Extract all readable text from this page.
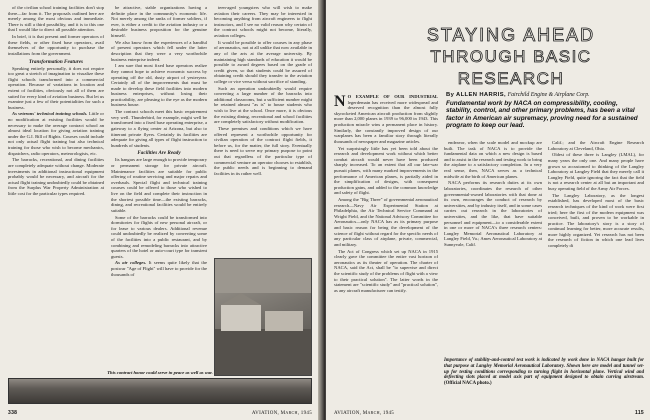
of the civilian school training facilities don't stop there—far from it. The proposals outlined here are merely among the most obvious and immediate. There is still a third possibility, and it is to this one that I would like to direct all possible attention.

In brief, it is that present and former operators of these fields, or other fixed base operators, avail themselves of the opportunity to purchase the installations from the government.

Transformation Features

Speaking entirely personally, it does not require too great a stretch of imagination to visualize these flight schools transformed into a commercial operation. Because of variations in location and extent of facilities, obviously not all of them are suited for every kind of aviation business. But let us examine just a few of their potentialities for such a business.

As veterans' technical training schools. Little or no modification at existing facilities would be necessary to make the average contract school an almost ideal location for giving aviation training under the G.I. Bill of Rights. Courses could include not only actual flight training but also technical training for those who wish to become mechanics, dispatchers, radio operators, meteorologists, etc.

The barracks, recreational, and dining facilities are completely adequate without change. Moderate investments in additional instructional equipment probably would be necessary, and aircraft for the actual flight training undoubtedly could be obtained from the Surplus War Property Administration at little cost for the particular types required.

be attractive, stable organizations having a definite place in the community's economic life. Not merely among the ranks of former soldiers, if ever, is either a credit to the aviation industry or a desirable business proposition for the genuine himself.

We also know from the experiences of a handful of present operators which fell under the latter description that they were a very worthwhile business enterprise indeed.

I am sure that most fixed base operators realize they cannot hope to achieve economic success by operating off the old, dusty airport of yesteryear. Certainly all of the improvements that must be made to develop these field facilities into modern business enterprises, without losing their practicability, are pleasing to the eye as the modern business house.

The contract schools meet this basic requirement very well. Thunderbird, for example, might well be transformed into a fixed base operating enterprise, a gateway to a flying center at Arizona, but also to itinerant private flyers. Certainly its facilities are adequate for giving all types of flight instruction to hundreds of students.

Facilities Are Ready

Its hangars are large enough to provide temporary or permanent storage for private aircraft. Maintenance facilities are suitable for public offering of routine servicing and major repairs and overhauls. Special flight and technical training courses could be offered to those who wished to live on the field and complete their instruction in the shortest possible time—the existing barracks, dining, and recreational facilities would be entirely suitable.

Some of the barracks could be transformed into dormitories for flights of new personal aircraft, or for lease to various dealers. Additional revenue could undoubtedly be realized by converting some of the facilities into a public restaurant, and by combining and remodeling barracks into attractive quarters of the hotel or auto-court type for transient guests.

As air colleges. It seems quite likely that the postwar "Age of Flight" will have to provide for the thousands of

teen-aged youngsters who will wish to make aviation their careers. They may be interested in becoming anything from aircraft engineers to flight instructors, and I see no valid reason why certain of the contract schools might not become, literally, aviation colleges.

It would be possible to offer courses in any phase of aeronautics, not at all unlike that now available in any of the arts at the average university. By maintaining high standards of education it would be possible to award degrees based on the grade of credit given, so that students could be assured of obtaining credit should they transfer to the aviation college or vice versa without sacrifice of standing.

Such an operation undoubtedly would require converting a large number of the barracks into additional classrooms, but a sufficient number might be retained almost "as is" to house students who wish to live at the school. Once more, it is obvious the existing dining, recreational and school facilities are completely satisfactory without modification.

These premises and conditions which we have offered represent a worthwhile opportunity for civilian operation of the contract flight fields, it before us, for the matter, the full story. Eventually there is need to serve my primary purpose to point out that regardless of the particular type of commercial venture an operator chooses to establish, the public needs and is beginning to demand facilities in its rather well.

This contract honor could serve in peace as well as war.
338	AVIATION, March, 1945
STAYING AHEAD
THROUGH BASIC RESEARCH
By ALLEN HARRIS, Fairchild Engine & Airplane Corp.
Fundamental work by NACA on compressibility, cooling, stability, control, and other primary problems, has been a vital factor in American air supremacy, proving need for a sustained program to keep our lead.

N O EXAMPLE OF OUR INDUSTRIAL legerdemain has received more widespread and deserved recognition than the almost fully skyrocketed American aircraft production from slightly more than 2,000 planes in 1939 to 96,000 in 1943. This production miracle wins a permanent place in history. Similarly, the constantly improved design of our warplanes has been a familiar story through literally thousands of newspaper and magazine articles.

Yet surprisingly little has yet been told about the research and development work without which better combat aircraft would never have been produced sharply increased. To an extent that all our late-war pursuit planes, with many marked improvements in the performance of American planes, is partially aided in the simplification of designs, with consequent production gains, and added to the common knowledge and safety of flight.

Among the "Big Three" of governmental aeronautical research—Navy Air Experimental Station at Philadelphia, the Air Technical Service Command at Wright Field, and the National Advisory Committee for Aeronautics—only NACA has as its primary purpose and basic reason for being the development of the science of flight without regard for the specific needs of any particular class of airplane, private, commercial, and military.

The Act of Congress which set up NACA in 1915 clearly gave the committee the entire vast horizon of aeronautics as its theater of operation. The charter of NACA, said the Act, shall be "to supervise and direct the scientific study of the problems of flight with a view to their practical solution". The latter words in the statement are "scientific study" and "practical solution", as any aircraft manufacturer can testify.

endeavor, when the scale model and mockup are built. The task of NACA is to provide the fundamental data on which a new design is based and to assist in the research and testing work to bring the airplane to a satisfactory completion. In a very real sense, then, NACA serves as a technical midwife at the birth of American planes.

NACA performs its research duties at its own laboratories, coordinates the research of other governmental-owned laboratories with that done at its own, encourages the conduct of research by universities, and by industry itself, and in some cases carries out research in the laboratories of universities, and the like, that have suitable personnel and equipment—to a considerable extent in one or more of NACA's three research centers: Langley Memorial Aeronautical Laboratory at Langley Field, Va.; Ames Aeronautical Laboratory at Sunnyvale, Calif.

Calif.; and the Aircraft Engine Research Laboratory at Cleveland, Ohio.

Oldest of these three is Langley (LMAL), for many years the only one. And many people have grown so accustomed to thinking of the Langley Laboratory at Langley Field that they merely call it Langley Field, quite ignoring the fact that the field is not a research center at all but an important and busy operating field of the Army Air Forces.

The Langley Laboratory, as the longest established, has developed most of the basic research techniques of the kind of work were first tried; here the first of the modern equipment was conceived, built, and proven to be workable in practice. The laboratory's story is a story of continual learning for better, more accurate results, more highly organized. Yet research has not been the research of fiction in which one lead lives completely di

Importance of stability-and-control test work is indicated by work done in NACA hangar built for that purpose at Langley Memorial Aeronautical Laboratory. Shown here are model and tunnel set-up for testing conditions corresponding to turning flight in horizontal plane. Vertical wind and deflecting slots placed at model axis part of equipment designed to obtain curving airstream. (Official NACA photo.)
AVIATION, March, 1945	115
